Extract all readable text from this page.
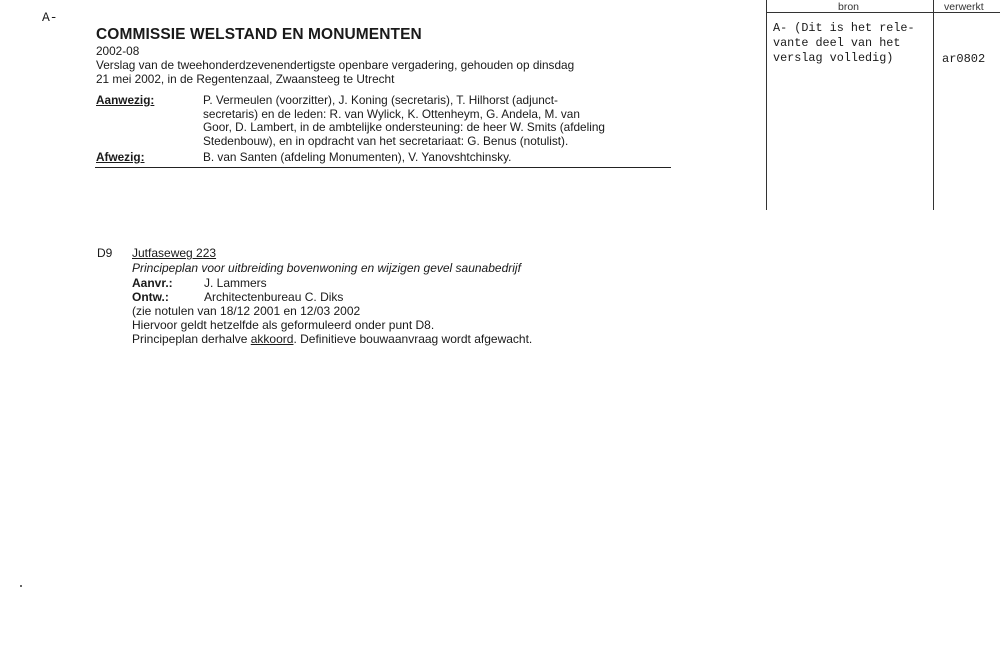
A-
COMMISSIE WELSTAND EN MONUMENTEN
2002-08
Verslag van de tweehonderdzevenendertigste openbare vergadering, gehouden op dinsdag
21 mei 2002, in de Regentenzaal, Zwaansteeg te Utrecht
Aanwezig:	P. Vermeulen (voorzitter), J. Koning (secretaris), T. Hilhorst (adjunct-
secretaris) en de leden: R. van Wylick, K. Ottenheym, G. Andela, M. van
Goor, D. Lambert, in de ambtelijke ondersteuning: de heer W. Smits (afdeling
Stedenbouw), en in opdracht van het secretariaat: G. Benus (notulist).
Afwezig:	B. van Santen (afdeling Monumenten), V. Yanovshtchinsky.
bron	verwerkt
A- (Dit is het rele-
vante deel van het
verslag volledig)	ar0802
D9 Jutfaseweg 223
Principeplan voor uitbreiding bovenwoning en wijzigen gevel saunabedrijf
Aanvr.:	J. Lammers
Ontw.:	Architectenbureau C. Diks
(zie notulen van 18/12 2001 en 12/03 2002
Hiervoor geldt hetzelfde als geformuleerd onder punt D8.
Principeplan derhalve akkoord. Definitieve bouwaanvraag wordt afgewacht.
